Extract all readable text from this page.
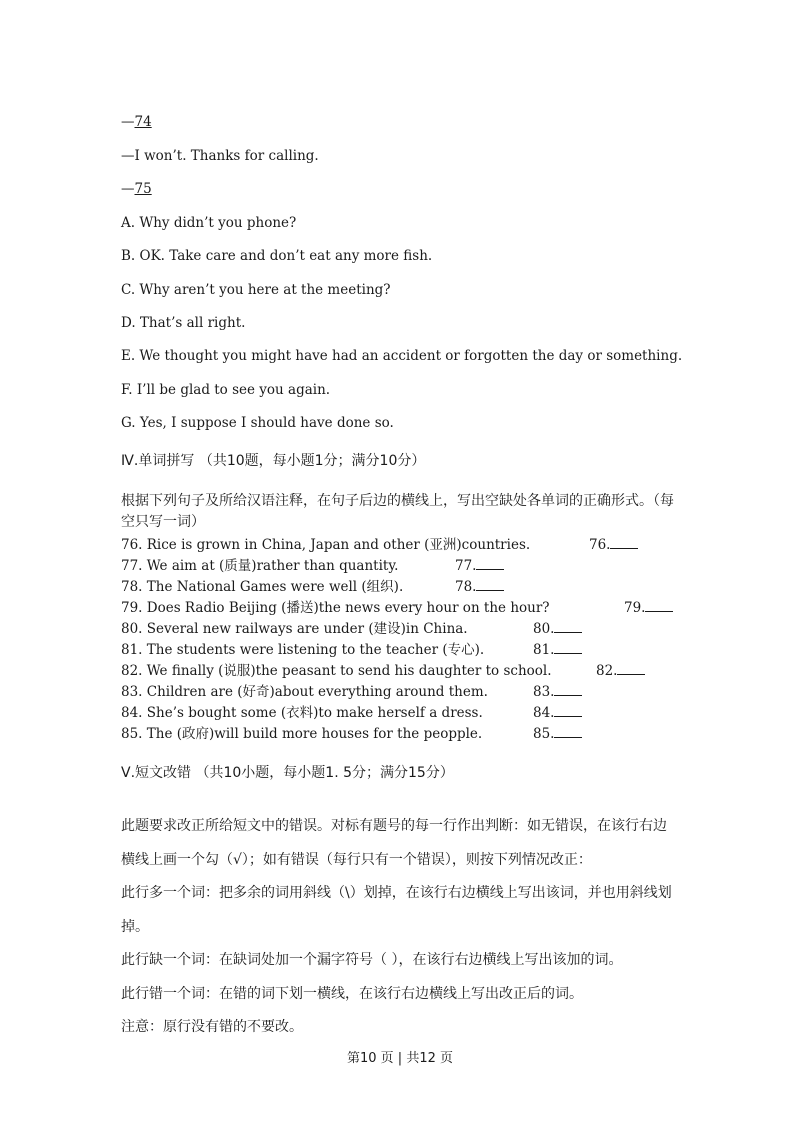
—74
—I won’t. Thanks for calling.
—75
A. Why didn’t you phone?
B. OK. Take care and don’t eat any more fish.
C. Why aren’t you here at the meeting?
D. That’s all right.
E. We thought you might have had an accident or forgotten the day or something.
F. I’ll be glad to see you again.
G. Yes, I suppose I should have done so.
Ⅳ.单词拼写 （共10题，每小题1分；满分10分）
根据下列句子及所给汉语注释，在句子后边的横线上，写出空缺处各单词的正确形式。（每
空只写一词）
76. Rice is grown in China, Japan and other (亚洲)countries.	76.
77. We aim at (质量)rather than quantity.	77.
78. The National Games were well (组织).	78.
79. Does Radio Beijing (播送)the news every hour on the hour?	79.
80. Several new railways are under (建设)in China.	80.
81. The students were listening to the teacher (专心).	81.
82. We finally (说服)the peasant to send his daughter to school.	82.
83. Children are (好奇)about everything around them.	83.
84. She’s bought some (衣料)to make herself a dress.	84.
85. The (政府)will build more houses for the peopple.	85.
Ⅴ.短文改错 （共10小题，每小题1. 5分；满分15分）
此题要求改正所给短文中的错误。对标有题号的每一行作出判断：如无错误，在该行右边
横线上画一个勾（√）；如有错误（每行只有一个错误），则按下列情况改正：
此行多一个词：把多余的词用斜线（\）划掉，在该行右边横线上写出该词，并也用斜线划
掉。
此行缺一个词：在缺词处加一个漏字符号（ ），在该行右边横线上写出该加的词。
此行错一个词：在错的词下划一横线，在该行右边横线上写出改正后的词。
注意：原行没有错的不要改。
第10 页 | 共12 页
